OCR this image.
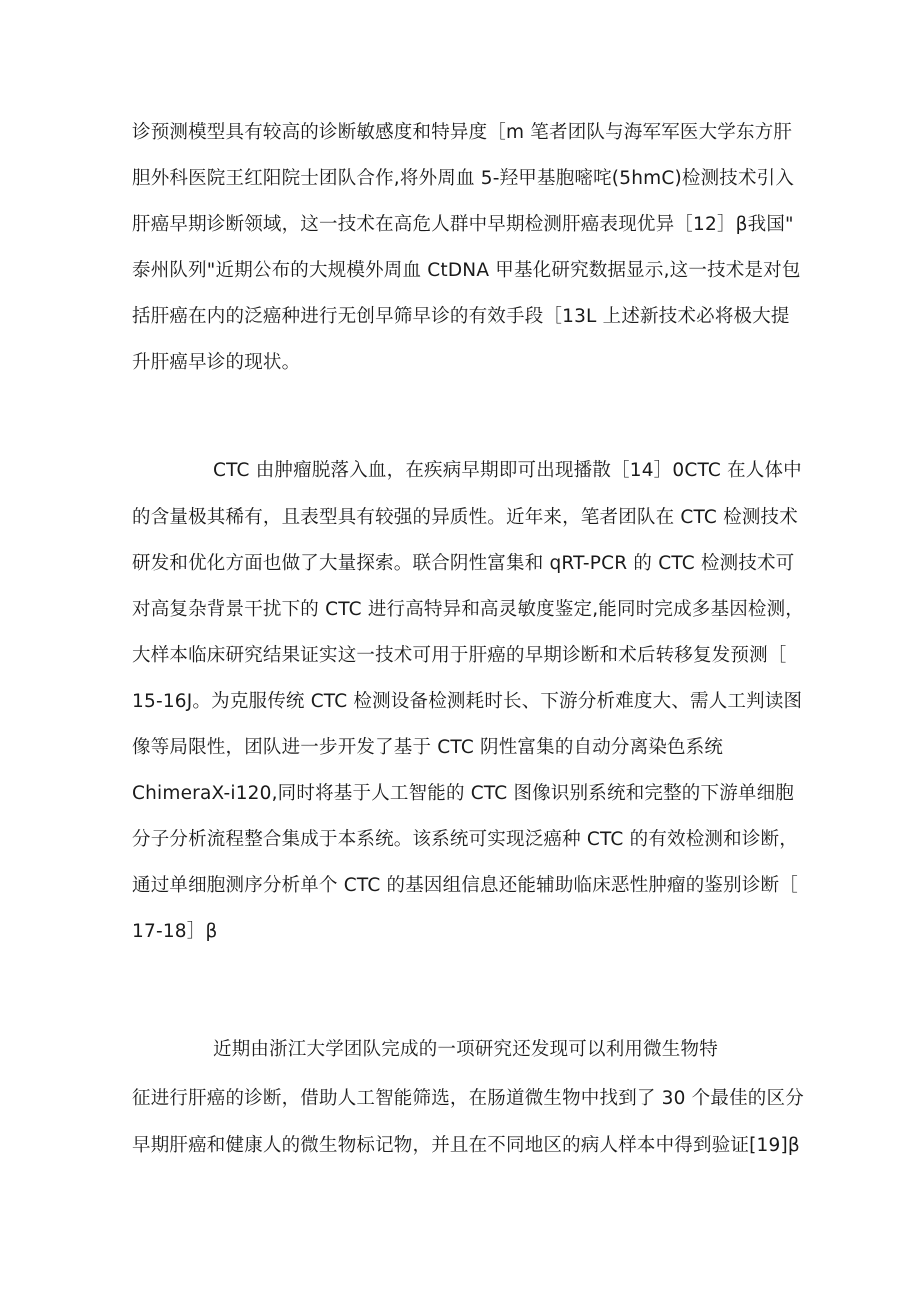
诊预测模型具有较高的诊断敏感度和特异度［m 笔者团队与海军军医大学东方肝
胆外科医院王红阳院士团队合作,将外周血 5-羟甲基胞嘧咤(5hmC)检测技术引入
肝癌早期诊断领域，这一技术在高危人群中早期检测肝癌表现优异［12］β我国"
泰州队列"近期公布的大规模外周血 CtDNA 甲基化研究数据显示,这一技术是对包
括肝癌在内的泛癌种进行无创早筛早诊的有效手段［13L 上述新技术必将极大提
升肝癌早诊的现状。
CTC 由肿瘤脱落入血，在疾病早期即可出现播散［14］0CTC 在人体中
的含量极其稀有，且表型具有较强的异质性。近年来，笔者团队在 CTC 检测技术
研发和优化方面也做了大量探索。联合阴性富集和 qRT-PCR 的 CTC 检测技术可
对高复杂背景干扰下的 CTC 进行高特异和高灵敏度鉴定,能同时完成多基因检测，
大样本临床研究结果证实这一技术可用于肝癌的早期诊断和术后转移复发预测［
15-16J。为克服传统 CTC 检测设备检测耗时长、下游分析难度大、需人工判读图
像等局限性，团队进一步开发了基于 CTC 阴性富集的自动分离染色系统
ChimeraX-i120,同时将基于人工智能的 CTC 图像识别系统和完整的下游单细胞
分子分析流程整合集成于本系统。该系统可实现泛癌种 CTC 的有效检测和诊断，
通过单细胞测序分析单个 CTC 的基因组信息还能辅助临床恶性肿瘤的鉴别诊断［
17-18］β
近期由浙江大学团队完成的一项研究还发现可以利用微生物特
征进行肝癌的诊断，借助人工智能筛选，在肠道微生物中找到了 30 个最佳的区分
早期肝癌和健康人的微生物标记物，并且在不同地区的病人样本中得到验证[19]β
